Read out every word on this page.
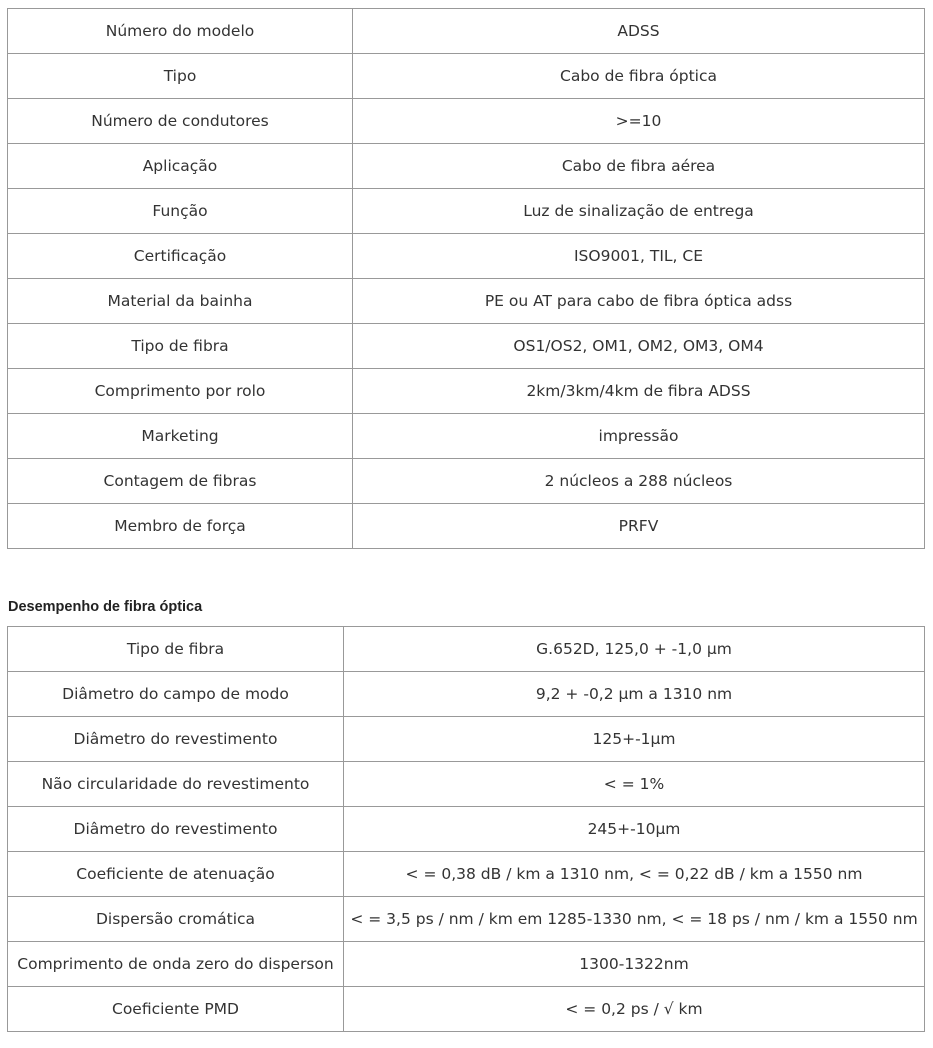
Número do modelo	ADSS
Tipo	Cabo de fibra óptica
Número de condutores	>=10
Aplicação	Cabo de fibra aérea
Função	Luz de sinalização de entrega
Certificação	ISO9001, TIL, CE
Material da bainha	PE ou AT para cabo de fibra óptica adss
Tipo de fibra	OS1/OS2, OM1, OM2, OM3, OM4
Comprimento por rolo	2km/3km/4km de fibra ADSS
Marketing	impressão
Contagem de fibras	2 núcleos a 288 núcleos
Membro de força	PRFV
Desempenho de fibra óptica
Tipo de fibra	G.652D, 125,0 + -1,0 μm
Diâmetro do campo de modo	9,2 + -0,2 μm a 1310 nm
Diâmetro do revestimento	125+-1μm
Não circularidade do revestimento	< = 1%
Diâmetro do revestimento	245+-10μm
Coeficiente de atenuação	< = 0,38 dB / km a 1310 nm, < = 0,22 dB / km a 1550 nm
Dispersão cromática	< = 3,5 ps / nm / km em 1285-1330 nm, < = 18 ps / nm / km a 1550 nm
Comprimento de onda zero do disperson	1300-1322nm
Coeficiente PMD	< = 0,2 ps / √ km
